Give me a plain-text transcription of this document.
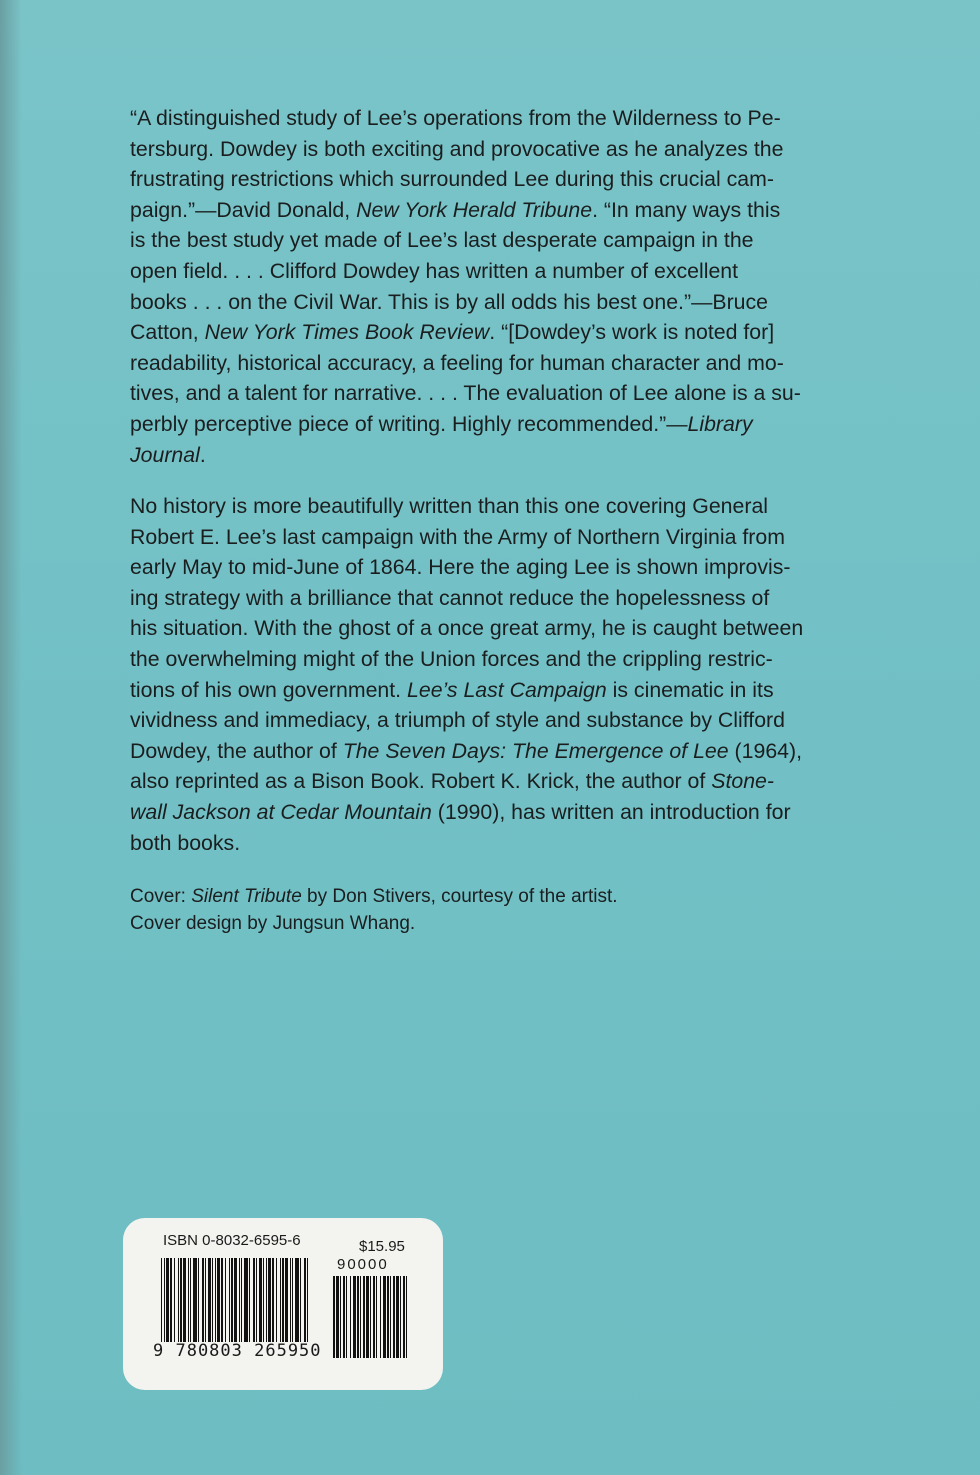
“A distinguished study of Lee’s operations from the Wilderness to Pe-
tersburg. Dowdey is both exciting and provocative as he analyzes the
frustrating restrictions which surrounded Lee during this crucial cam-
paign.”—David Donald, New York Herald Tribune. “In many ways this
is the best study yet made of Lee’s last desperate campaign in the
open field. . . . Clifford Dowdey has written a number of excellent
books . . . on the Civil War. This is by all odds his best one.”—Bruce
Catton, New York Times Book Review. “[Dowdey’s work is noted for]
readability, historical accuracy, a feeling for human character and mo-
tives, and a talent for narrative. . . . The evaluation of Lee alone is a su-
perbly perceptive piece of writing. Highly recommended.”—Library
Journal.

No history is more beautifully written than this one covering General
Robert E. Lee’s last campaign with the Army of Northern Virginia from
early May to mid-June of 1864. Here the aging Lee is shown improvis-
ing strategy with a brilliance that cannot reduce the hopelessness of
his situation. With the ghost of a once great army, he is caught between
the overwhelming might of the Union forces and the crippling restric-
tions of his own government. Lee’s Last Campaign is cinematic in its
vividness and immediacy, a triumph of style and substance by Clifford
Dowdey, the author of The Seven Days: The Emergence of Lee (1964),
also reprinted as a Bison Book. Robert K. Krick, the author of Stone-
wall Jackson at Cedar Mountain (1990), has written an introduction for
both books.

Cover: Silent Tribute by Don Stivers, courtesy of the artist.
Cover design by Jungsun Whang.
ISBN 0-8032-6595-6	$15.95
90000
9 780803 265950
